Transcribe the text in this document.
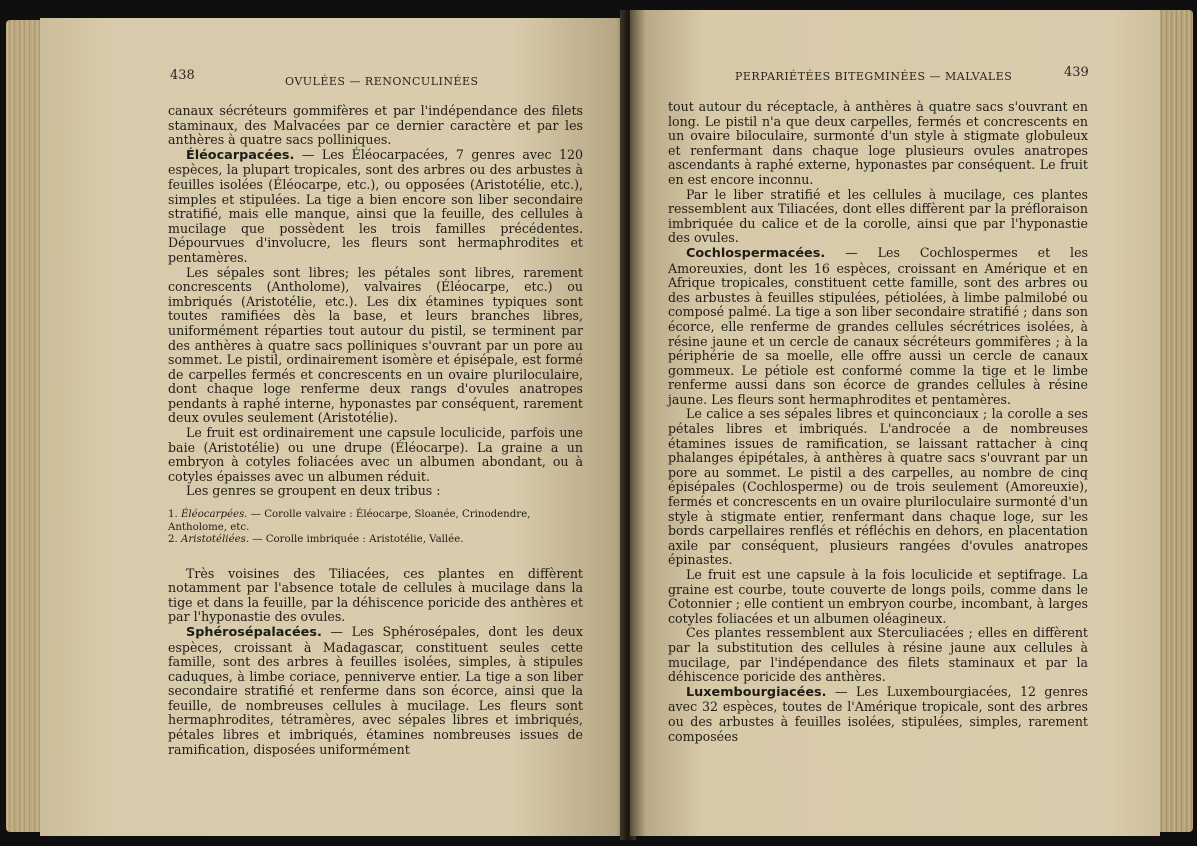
438	OVULÉES — RENONCULINÉES

canaux sécréteurs gommifères et par l'indépendance des filets staminaux, des Malvacées par ce dernier caractère et par les anthères à quatre sacs polliniques.

Éléocarpacées. — Les Éléocarpacées, 7 genres avec 120 espèces, la plupart tropicales, sont des arbres ou des arbustes à feuilles isolées (Éléocarpe, etc.), ou opposées (Aristotélie, etc.), simples et stipulées. La tige a bien encore son liber secondaire stratifié, mais elle manque, ainsi que la feuille, des cellules à mucilage que possèdent les trois familles précédentes. Dépourvues d'involucre, les fleurs sont hermaphrodites et pentamères.

Les sépales sont libres; les pétales sont libres, rarement concrescents (Antholome), valvaires (Éléocarpe, etc.) ou imbriqués (Aristotélie, etc.). Les dix étamines typiques sont toutes ramifiées dès la base, et leurs branches libres, uniformément réparties tout autour du pistil, se terminent par des anthères à quatre sacs polliniques s'ouvrant par un pore au sommet. Le pistil, ordinairement isomère et épisépale, est formé de carpelles fermés et concrescents en un ovaire pluriloculaire, dont chaque loge renferme deux rangs d'ovules anatropes pendants à raphé interne, hyponastes par conséquent, rarement deux ovules seulement (Aristotélie).

Le fruit est ordinairement une capsule loculicide, parfois une baie (Aristotélie) ou une drupe (Éléocarpe). La graine a un embryon à cotyles foliacées avec un albumen abondant, ou à cotyles épaisses avec un albumen réduit.

Les genres se groupent en deux tribus :

1. Éléocarpées. — Corolle valvaire : Éléocarpe, Sloanée, Crinodendre, Antholome, etc.
2. Aristotéliées. — Corolle imbriquée : Aristotélie, Vallée.

Très voisines des Tiliacées, ces plantes en diffèrent notamment par l'absence totale de cellules à mucilage dans la tige et dans la feuille, par la déhiscence poricide des anthères et par l'hyponastie des ovules.

Sphérosépalacées. — Les Sphérosépales, dont les deux espèces, croissant à Madagascar, constituent seules cette famille, sont des arbres à feuilles isolées, simples, à stipules caduques, à limbe coriace, penniverve entier. La tige a son liber secondaire stratifié et renferme dans son écorce, ainsi que la feuille, de nombreuses cellules à mucilage. Les fleurs sont hermaphrodites, tétramères, avec sépales libres et imbriqués, pétales libres et imbriqués, étamines nombreuses issues de ramification, disposées uniformément

PERPARIÉTÉES BITEGMINÉES — MALVALES	439

tout autour du réceptacle, à anthères à quatre sacs s'ouvrant en long. Le pistil n'a que deux carpelles, fermés et concrescents en un ovaire biloculaire, surmonté d'un style à stigmate globuleux et renfermant dans chaque loge plusieurs ovules anatropes ascendants à raphé externe, hyponastes par conséquent. Le fruit en est encore inconnu.

Par le liber stratifié et les cellules à mucilage, ces plantes ressemblent aux Tiliacées, dont elles diffèrent par la préfloraison imbriquée du calice et de la corolle, ainsi que par l'hyponastie des ovules.

Cochlospermacées. — Les Cochlospermes et les Amoreuxies, dont les 16 espèces, croissant en Amérique et en Afrique tropicales, constituent cette famille, sont des arbres ou des arbustes à feuilles stipulées, pétiolées, à limbe palmilobé ou composé palmé. La tige a son liber secondaire stratifié ; dans son écorce, elle renferme de grandes cellules sécrétrices isolées, à résine jaune et un cercle de canaux sécréteurs gommifères ; à la périphérie de sa moelle, elle offre aussi un cercle de canaux gommeux. Le pétiole est conformé comme la tige et le limbe renferme aussi dans son écorce de grandes cellules à résine jaune. Les fleurs sont hermaphrodites et pentamères.

Le calice a ses sépales libres et quinconciaux ; la corolle a ses pétales libres et imbriqués. L'androcée a de nombreuses étamines issues de ramification, se laissant rattacher à cinq phalanges épipétales, à anthères à quatre sacs s'ouvrant par un pore au sommet. Le pistil a des carpelles, au nombre de cinq épisépales (Cochlosperme) ou de trois seulement (Amoreuxie), fermés et concrescents en un ovaire pluriloculaire surmonté d'un style à stigmate entier, renfermant dans chaque loge, sur les bords carpellaires renflés et réfléchis en dehors, en placentation axile par conséquent, plusieurs rangées d'ovules anatropes épinastes.

Le fruit est une capsule à la fois loculicide et septifrage. La graine est courbe, toute couverte de longs poils, comme dans le Cotonnier ; elle contient un embryon courbe, incombant, à larges cotyles foliacées et un albumen oléagineux.

Ces plantes ressemblent aux Sterculiacées ; elles en diffèrent par la substitution des cellules à résine jaune aux cellules à mucilage, par l'indépendance des filets staminaux et par la déhiscence poricide des anthères.

Luxembourgiacées. — Les Luxembourgiacées, 12 genres avec 32 espèces, toutes de l'Amérique tropicale, sont des arbres ou des arbustes à feuilles isolées, stipulées, simples, rarement composées
